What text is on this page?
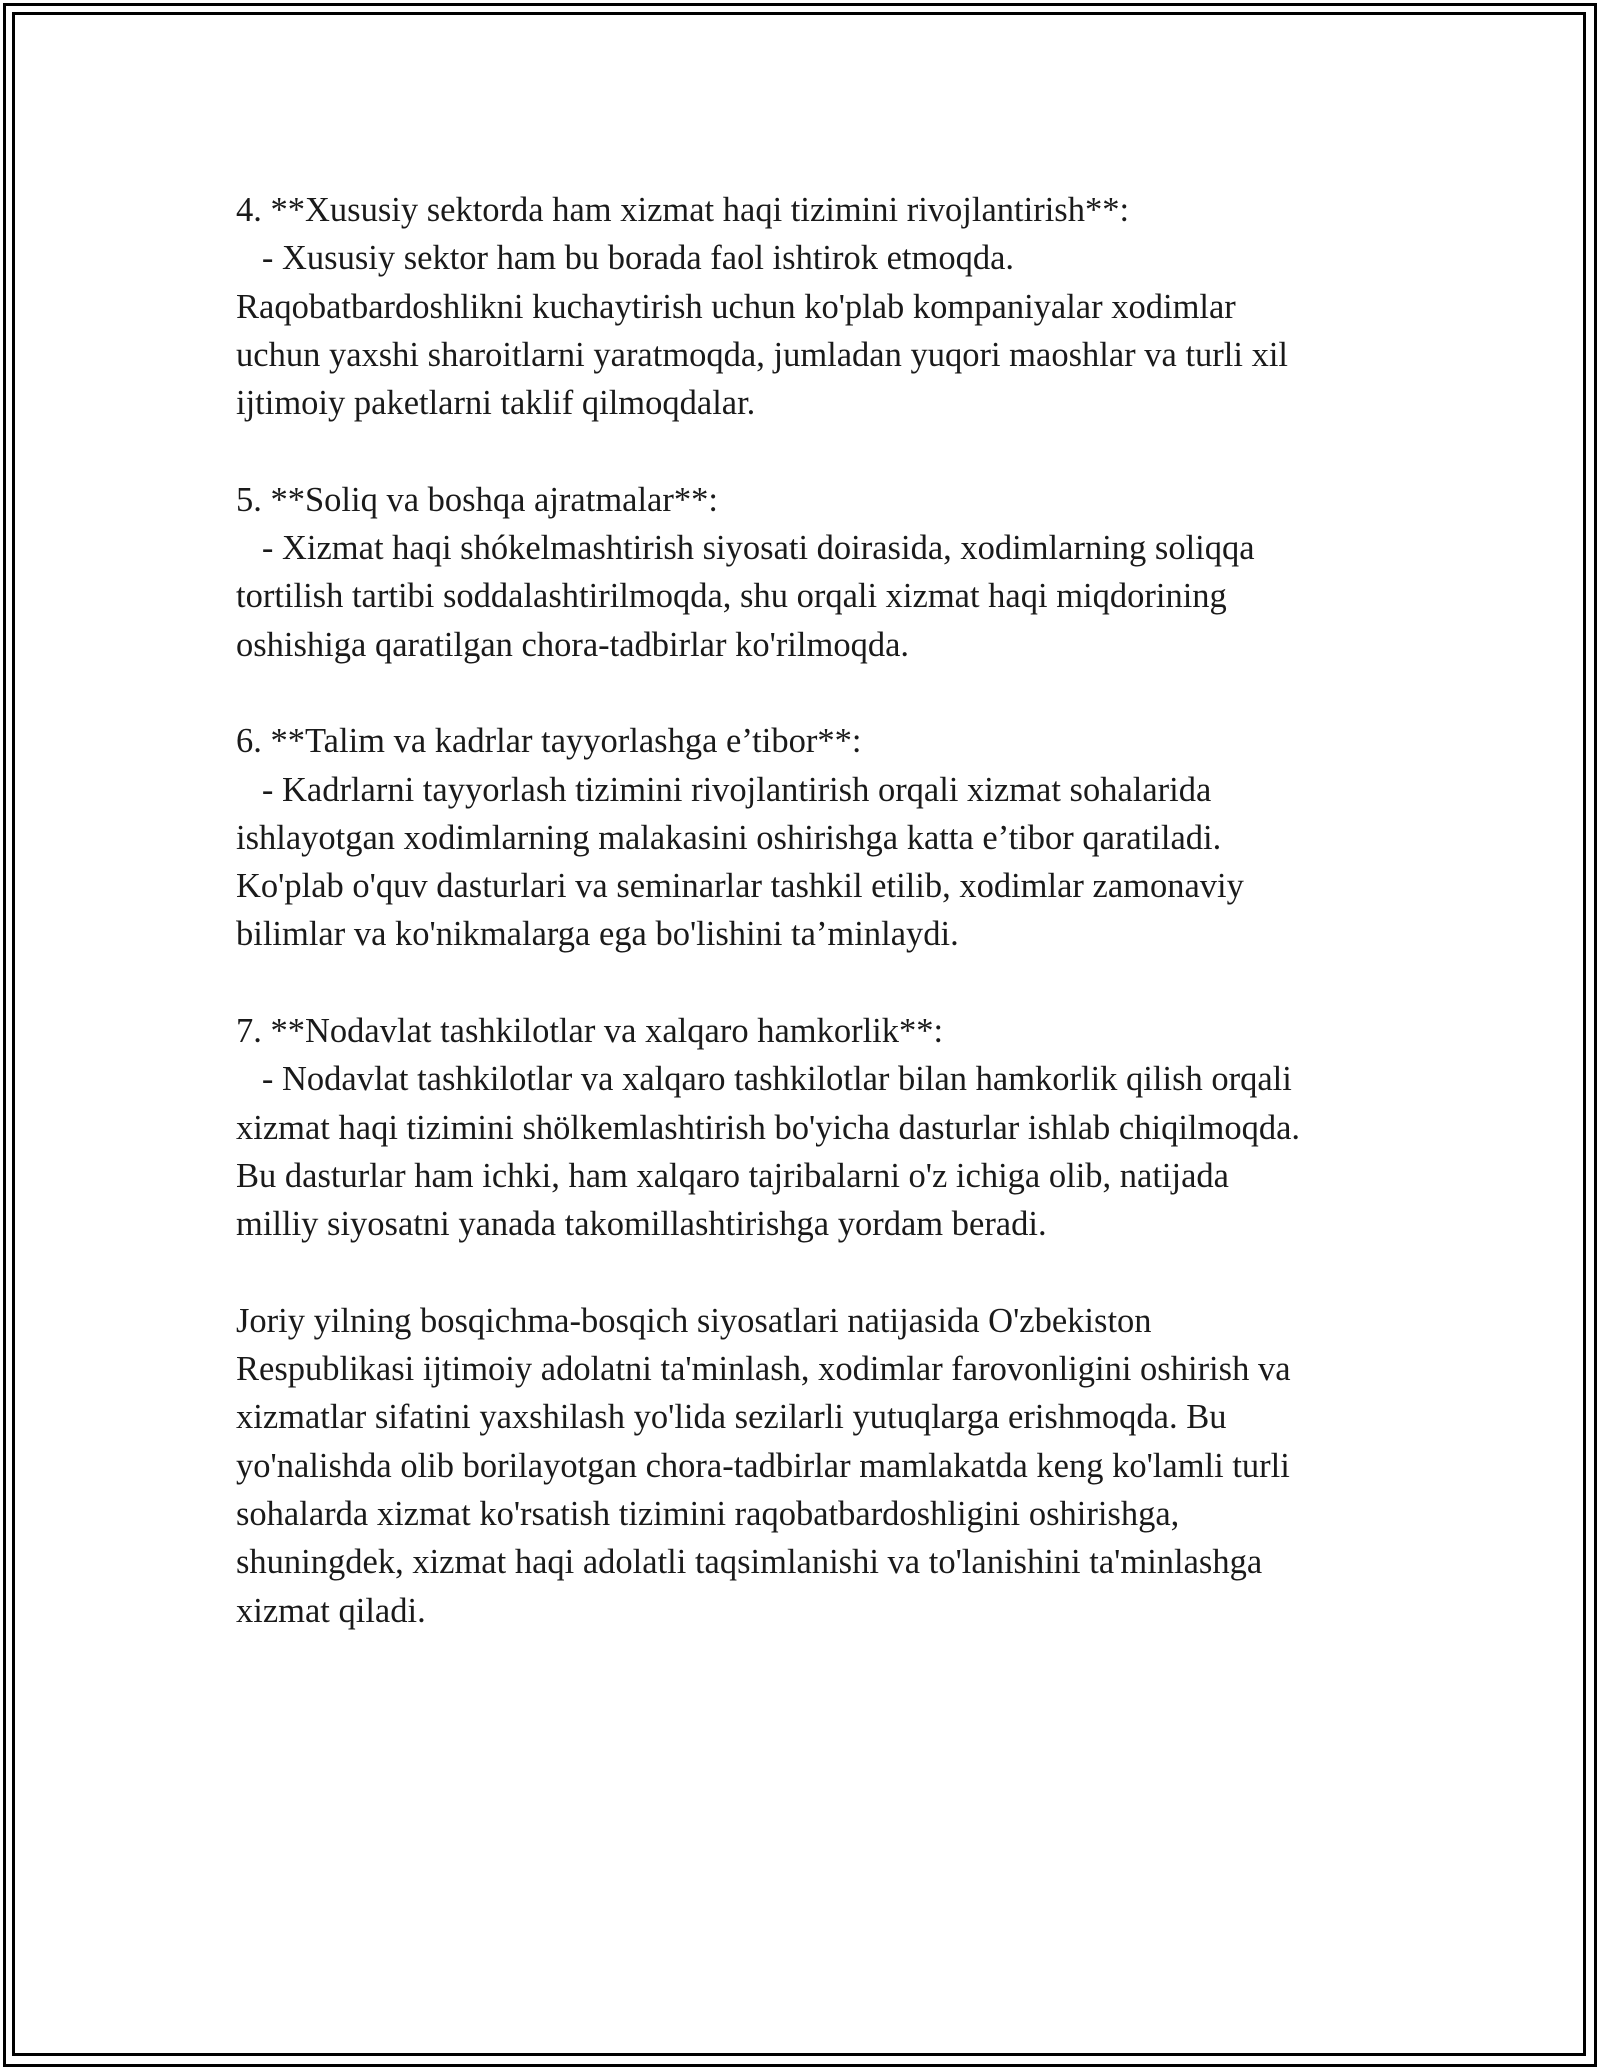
4. **Xususiy sektorda ham xizmat haqi tizimini rivojlantirish**:
- Xususiy sektor ham bu borada faol ishtirok etmoqda.
Raqobatbardoshlikni kuchaytirish uchun ko'plab kompaniyalar xodimlar
uchun yaxshi sharoitlarni yaratmoqda, jumladan yuqori maoshlar va turli xil
ijtimoiy paketlarni taklif qilmoqdalar.
5. **Soliq va boshqa ajratmalar**:
- Xizmat haqi shókelmashtirish siyosati doirasida, xodimlarning soliqqa
tortilish tartibi soddalashtirilmoqda, shu orqali xizmat haqi miqdorining
oshishiga qaratilgan chora-tadbirlar ko'rilmoqda.
6. **Talim va kadrlar tayyorlashga e’tibor**:
- Kadrlarni tayyorlash tizimini rivojlantirish orqali xizmat sohalarida
ishlayotgan xodimlarning malakasini oshirishga katta e’tibor qaratiladi.
Ko'plab o'quv dasturlari va seminarlar tashkil etilib, xodimlar zamonaviy
bilimlar va ko'nikmalarga ega bo'lishini ta’minlaydi.
7. **Nodavlat tashkilotlar va xalqaro hamkorlik**:
- Nodavlat tashkilotlar va xalqaro tashkilotlar bilan hamkorlik qilish orqali
xizmat haqi tizimini shölkemlashtirish bo'yicha dasturlar ishlab chiqilmoqda.
Bu dasturlar ham ichki, ham xalqaro tajribalarni o'z ichiga olib, natijada
milliy siyosatni yanada takomillashtirishga yordam beradi.
Joriy yilning bosqichma-bosqich siyosatlari natijasida O'zbekiston
Respublikasi ijtimoiy adolatni ta'minlash, xodimlar farovonligini oshirish va
xizmatlar sifatini yaxshilash yo'lida sezilarli yutuqlarga erishmoqda. Bu
yo'nalishda olib borilayotgan chora-tadbirlar mamlakatda keng ko'lamli turli
sohalarda xizmat ko'rsatish tizimini raqobatbardoshligini oshirishga,
shuningdek, xizmat haqi adolatli taqsimlanishi va to'lanishini ta'minlashga
xizmat qiladi.
